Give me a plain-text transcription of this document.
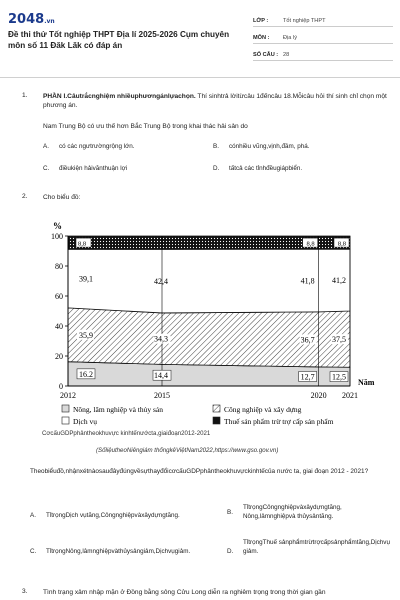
2048.vn
Đề thi thử Tốt nghiệp THPT Địa lí 2025-2026 Cụm chuyên môn số 11 Đăk Lăk có đáp án
LỚP :	Tốt nghiệp THPT
MÔN :	Địa lý
SỐ CÂU : 28
1. PHẦN I.Câutrắcnghiệm nhiềuphươngánlựachọn. Thí sinhtrả lờitừcâu 1đếncâu 18.Mỗicâu hỏi thí sinh chỉ chọn một phương án.
Nam Trung Bộ có ưu thế hơn Bắc Trung Bộ trong khai thác hải sản do
A. có các ngưtrườngrộng lớn.	B. cónhiều vũng,vịnh,đầm, phá.
C. điềukiện hảivănthuận lợi	D. tấtcả các tỉnhđềugiápbiển.
2. Cho biểu đồ:
0
20
40
60
80
100
2012	2015	2020 2021
16.2	14,4	12,7 12,5
35,9	34,3	36,7 37,5
39,1	42,4	41,8 41,2
8,8	8,8	8,8
%
Năm
Nông, lâm nghiệp và thủy sản	Công nghiệp và xây dựng
Dịch vụ	Thuế sản phẩm trừ trợ cấp sản phẩm
CơcấuGDPphântheokhuvực kinhtếnướcta,giaiđoạn2012-2021
(SốliệutheoNiêngiám thốngkêViệtNam2022,https://www.gso.gov.vn)
Theobiểuđồ,nhậnxétnàosauđâyđúngvềsựthayđổicơcấuGDPphântheokhuvựckinhtếcủa nước ta, giai đoạn 2012 - 2021?
A. TỉtrọngDịch vụtăng,Côngnghiệpvàxâydựngtăng.	B.
TỉtrọngCôngnghiệpvàxâydựngtăng, Nông,lâmnghiệpvà thủysảntăng.
C. TỉtrọngNông,lâmnghiệpvàthủysảngiảm,Dịchvụgiảm.	D.
TỉtrọngThuế sảnphẩmtrừtrợcấpsảnphẩmtăng,Dịchvụ giảm.
3. Tình trạng xâm nhập mặn ở Đồng bằng sông Cửu Long diễn ra nghiêm trọng trong thời gian gần
